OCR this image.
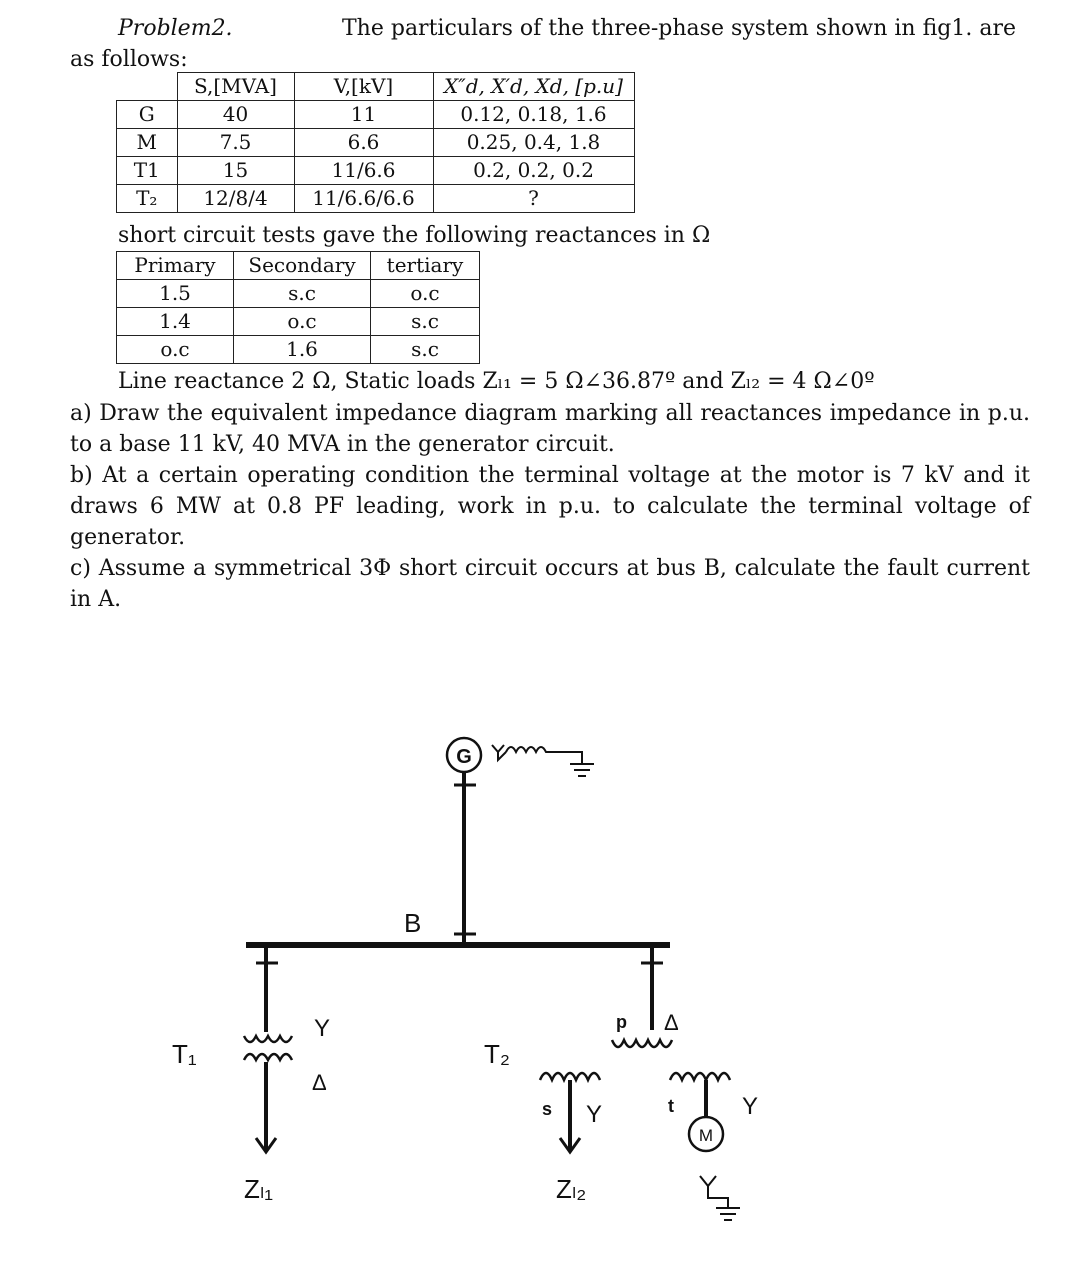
Problem2.	The particulars of the three-phase system shown in fig1. are
as follows:
	S,[MVA]	V,[kV]	X″d, X′d, Xd, [p.u]
G	40	11	0.12, 0.18, 1.6
M	7.5	6.6	0.25, 0.4, 1.8
T1	15	11/6.6	0.2, 0.2, 0.2
T₂	12/8/4	11/6.6/6.6	?
short circuit tests gave the following reactances in Ω
Primary	Secondary	tertiary
1.5	s.c	o.c
1.4	o.c	s.c
o.c	1.6	s.c
Line reactance 2 Ω, Static loads Zₗ₁ = 5 Ω∠36.87º and Zₗ₂ = 4 Ω∠0º
a) Draw the equivalent impedance diagram marking all reactances impedance in p.u. to a base 11 kV, 40 MVA in the generator circuit.
b) At a certain operating condition the terminal voltage at the motor is 7 kV and it draws 6 MW at 0.8 PF leading, work in p.u. to calculate the terminal voltage of generator.
c) Assume a symmetrical 3Φ short circuit occurs at bus B, calculate the fault current in A.
G
B
T₁
Y
Δ
T₂
p Δ
s Y	t	Y
M
Zₗ₁	Zₗ₂
